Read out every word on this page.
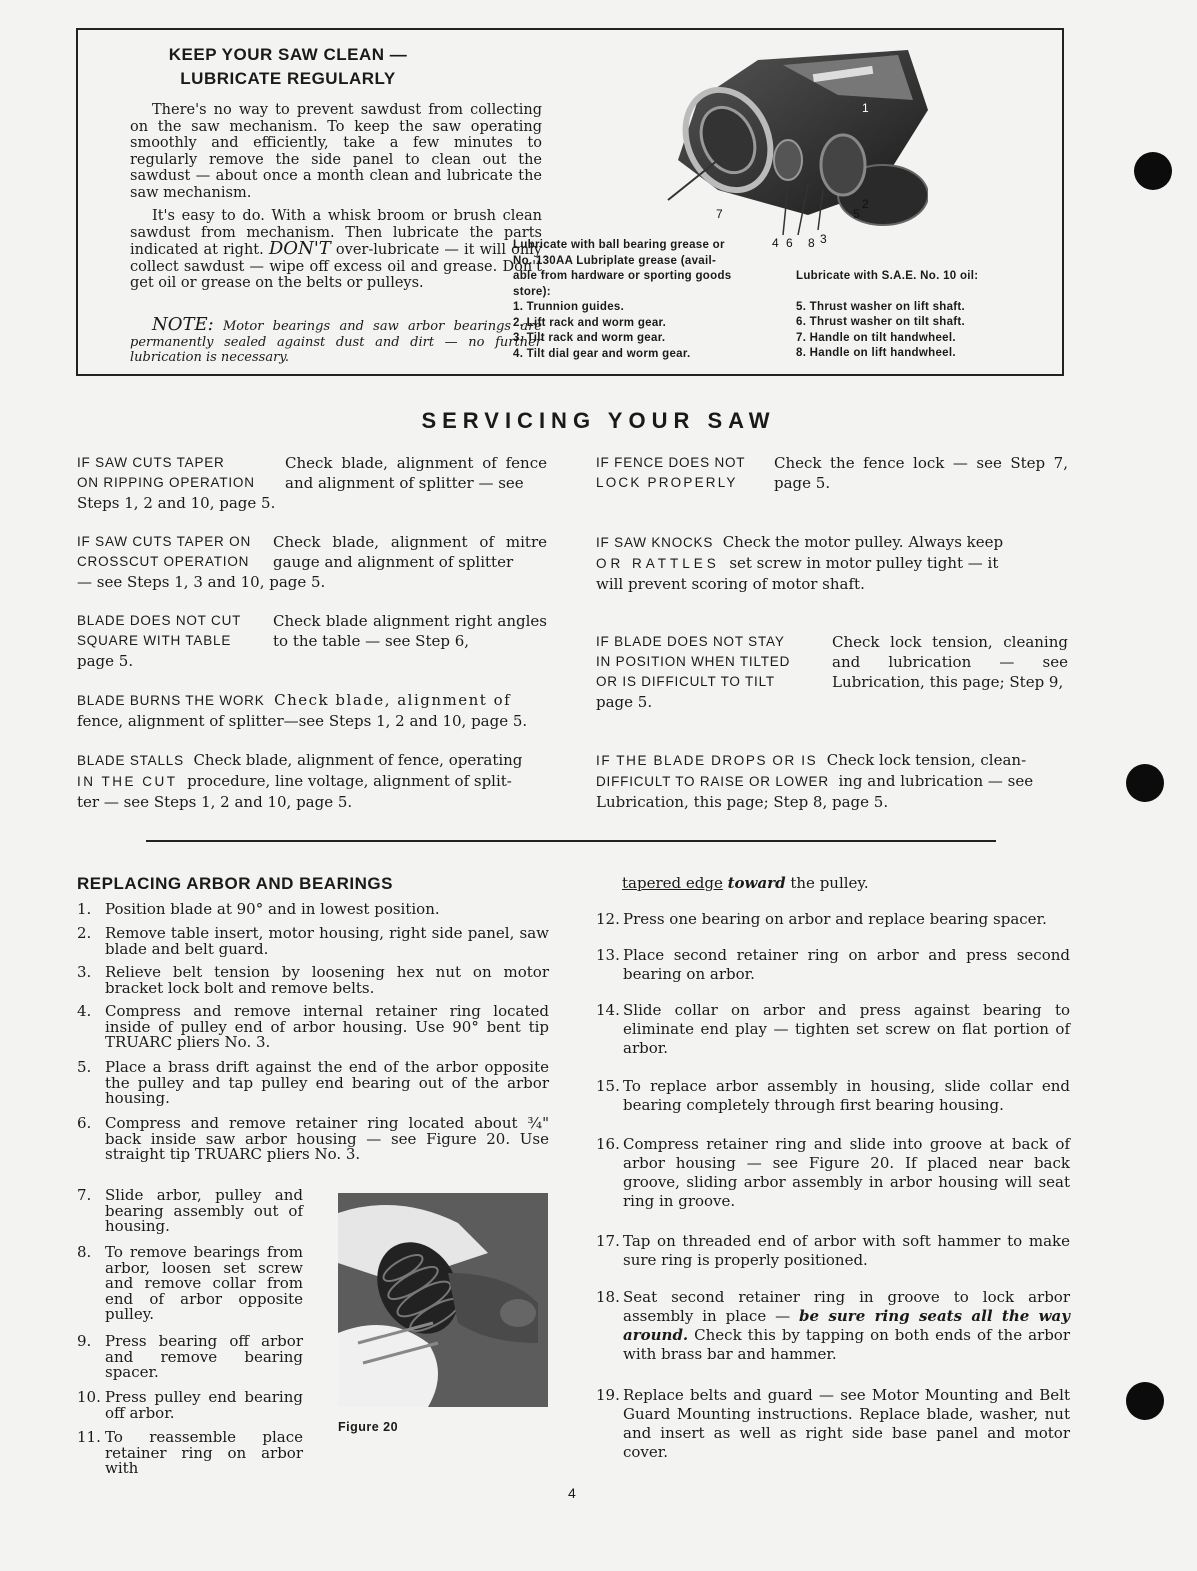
KEEP YOUR SAW CLEAN —
LUBRICATE REGULARLY

There's no way to prevent sawdust from collecting on the saw mechanism. To keep the saw operating smoothly and efficiently, take a few minutes to regularly remove the side panel to clean out the sawdust — about once a month clean and lubricate the saw mechanism.

It's easy to do. With a whisk broom or brush clean sawdust from mechanism. Then lubricate the parts indicated at right. DON'T over-lubricate — it will only collect sawdust — wipe off excess oil and grease. Don't get oil or grease on the belts or pulleys.

NOTE: Motor bearings and saw arbor bearings are permanently sealed against dust and dirt — no further lubrication is necessary.

1
7	5
2
4 6 8 3
Lubricate with ball bearing grease or
No. 130AA Lubriplate grease (avail-
able from hardware or sporting goods
store):
1. Trunnion guides.
2. Lift rack and worm gear.
3. Tilt rack and worm gear.
4. Tilt dial gear and worm gear.
Lubricate with S.A.E. No. 10 oil:
5. Thrust washer on lift shaft.
6. Thrust washer on tilt shaft.
7. Handle on tilt handwheel.
8. Handle on lift handwheel.
SERVICING YOUR SAW
IF SAW CUTS TAPER
ON RIPPING OPERATION
Check blade, alignment of fence and alignment of splitter — see
Steps 1, 2 and 10, page 5.
IF SAW CUTS TAPER ON
CROSSCUT OPERATION
Check blade, alignment of mitre gauge and alignment of splitter
— see Steps 1, 3 and 10, page 5.
BLADE DOES NOT CUT
SQUARE WITH TABLE
Check blade alignment right angles to the table — see Step 6,
page 5.
BLADE BURNS THE WORK Check blade, alignment of
fence, alignment of splitter—see Steps 1, 2 and 10, page 5.
BLADE STALLS Check blade, alignment of fence, operating
IN THE CUT procedure, line voltage, alignment of split-
ter — see Steps 1, 2 and 10, page 5.
IF FENCE DOES NOT
LOCK PROPERLY
Check the fence lock — see Step 7, page 5.
IF SAW KNOCKS Check the motor pulley. Always keep
OR RATTLES set screw in motor pulley tight — it
will prevent scoring of motor shaft.
IF BLADE DOES NOT STAY
IN POSITION WHEN TILTED
OR IS DIFFICULT TO TILT
Check lock tension, cleaning and lubrication — see Lubrication, this page; Step 9,
page 5.
IF THE BLADE DROPS OR IS Check lock tension, clean-
DIFFICULT TO RAISE OR LOWER ing and lubrication — see
Lubrication, this page; Step 8, page 5.
REPLACING ARBOR AND BEARINGS
1. Position blade at 90° and in lowest position.
2. Remove table insert, motor housing, right side panel, saw blade and belt guard.
3. Relieve belt tension by loosening hex nut on motor bracket lock bolt and remove belts.
4. Compress and remove internal retainer ring located inside of pulley end of arbor housing. Use 90° bent tip TRUARC pliers No. 3.
5. Place a brass drift against the end of the arbor opposite the pulley and tap pulley end bearing out of the arbor housing.
6. Compress and remove retainer ring located about ¾" back inside saw arbor housing — see Figure 20. Use straight tip TRUARC pliers No. 3.
7. Slide arbor, pulley and bearing assembly out of housing.
8. To remove bearings from arbor, loosen set screw and remove collar from end of arbor opposite pulley.
9. Press bearing off arbor and remove bearing spacer.
10. Press pulley end bearing off arbor.
11. To reassemble place retainer ring on arbor with
Figure 20
tapered edge toward the pulley.
12. Press one bearing on arbor and replace bearing spacer.
13. Place second retainer ring on arbor and press second bearing on arbor.
14. Slide collar on arbor and press against bearing to eliminate end play — tighten set screw on flat portion of arbor.
15. To replace arbor assembly in housing, slide collar end bearing completely through first bearing housing.
16. Compress retainer ring and slide into groove at back of arbor housing — see Figure 20. If placed near back groove, sliding arbor assembly in arbor housing will seat ring in groove.
17. Tap on threaded end of arbor with soft hammer to make sure ring is properly positioned.
18. Seat second retainer ring in groove to lock arbor assembly in place — be sure ring seats all the way around. Check this by tapping on both ends of the arbor with brass bar and hammer.
19. Replace belts and guard — see Motor Mounting and Belt Guard Mounting instructions. Replace blade, washer, nut and insert as well as right side base panel and motor cover.
4
